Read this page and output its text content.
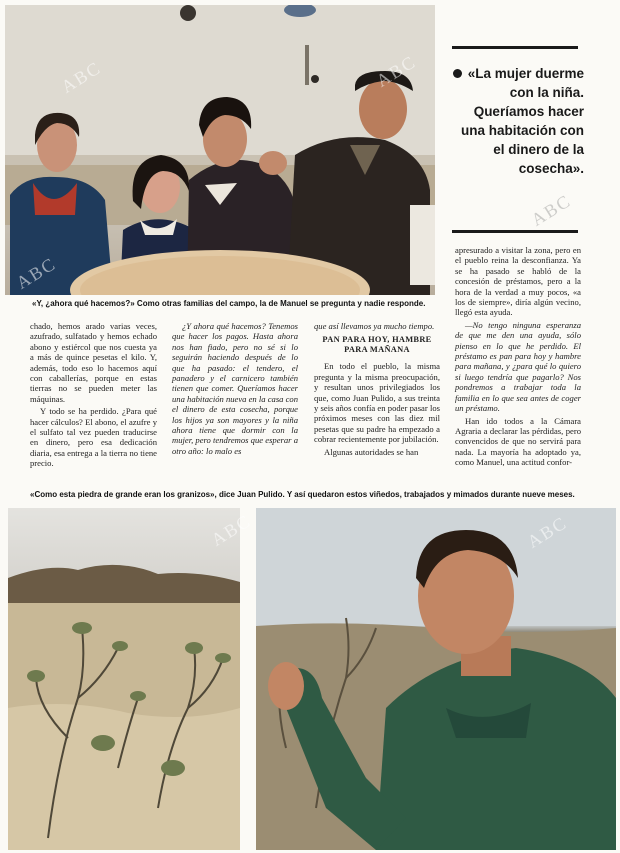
ABC	ABC
ABC
«Y, ¿ahora qué hacemos?» Como otras familias del campo, la de Manuel se pregunta y nadie responde.
«La mujer duerme con la niña. Queríamos hacer una habitación con el dinero de la cosecha».
ABC

chado, hemos arado varias veces, azufrado, sulfatado y hemos echado abono y estiércol que nos cuesta ya a más de quince pesetas el kilo. Y, además, todo eso lo hacemos aquí con caballerías, porque en estas tierras no se pueden meter las máquinas.

Y todo se ha perdido. ¿Para qué hacer cálculos? El abono, el azufre y el sulfato tal vez pueden traducirse en dinero, pero esa dedicación diaria, esa entrega a la tierra no tiene precio.

¿Y ahora qué hacemos? Tenemos que hacer los pagos. Hasta ahora nos han fiado, pero no sé si lo seguirán haciendo después de lo que ha pasado: el tendero, el panadero y el carnicero también tienen que comer. Queríamos hacer una habitación nueva en la casa con el dinero de esta cosecha, porque los hijos ya son mayores y la niña ahora tiene que dormir con la mujer, pero tendremos que esperar a otro año: lo malo es

que así llevamos ya mucho tiempo.

PAN PARA HOY, HAMBRE PARA MAÑANA

En todo el pueblo, la misma pregunta y la misma preocupación, y resultan unos privilegiados los que, como Juan Pulido, a sus treinta y seis años confía en poder pasar los próximos meses con las diez mil pesetas que su padre ha empezado a cobrar recientemente por jubilación.

Algunas autoridades se han

apresurado a visitar la zona, pero en el pueblo reina la desconfianza. Ya se ha pasado se habló de la concesión de préstamos, pero a la hora de la verdad a muy pocos, «a los de siempre», diría algún vecino, llegó esta ayuda.

—No tengo ninguna esperanza de que me den una ayuda, sólo pienso en lo que he perdido. El préstamo es pan para hoy y hambre para mañana, y ¿para qué lo quiero si luego tendría que pagarlo? Nos pondremos a trabajar toda la familia en lo que sea antes de coger un préstamo.

Han ido todos a la Cámara Agraria a declarar las pérdidas, pero convencidos de que no servirá para nada. La mayoría ha adoptado ya, como Manuel, una actitud confor-

«Como esta piedra de grande eran los granizos», dice Juan Pulido. Y así quedaron estos viñedos, trabajados y mimados durante nueve meses.
ABC
ABC
